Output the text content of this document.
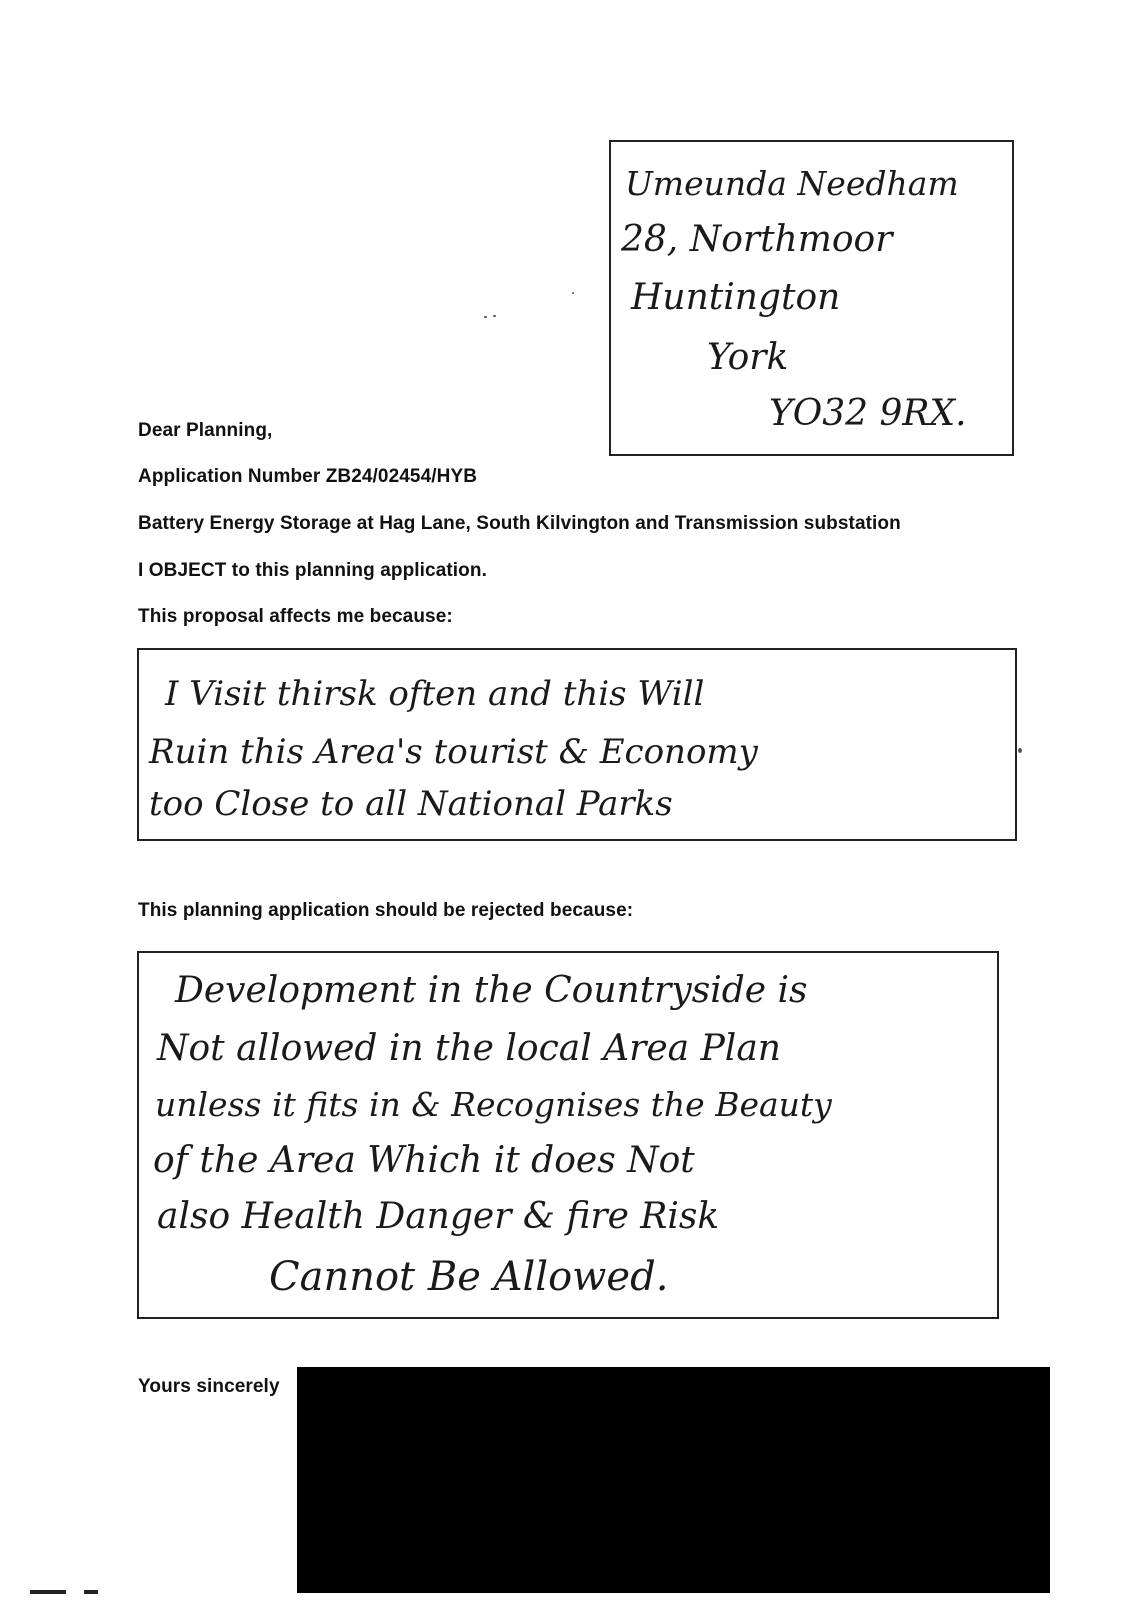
Umeunda Needham
28, Northmoor
Huntington
York
YO32 9RX.
Dear Planning,
Application Number ZB24/02454/HYB
Battery Energy Storage at Hag Lane, South Kilvington and Transmission substation
I OBJECT to this planning application.
This proposal affects me because:
I Visit thirsk often and this Will
Ruin this Area's tourist & Economy
too Close to all National Parks
This planning application should be rejected because:
Development in the Countryside is
Not allowed in the local Area Plan
unless it fits in & Recognises the Beauty
of the Area Which it does Not
also Health Danger & fire Risk
Cannot Be Allowed.
Yours sincerely
